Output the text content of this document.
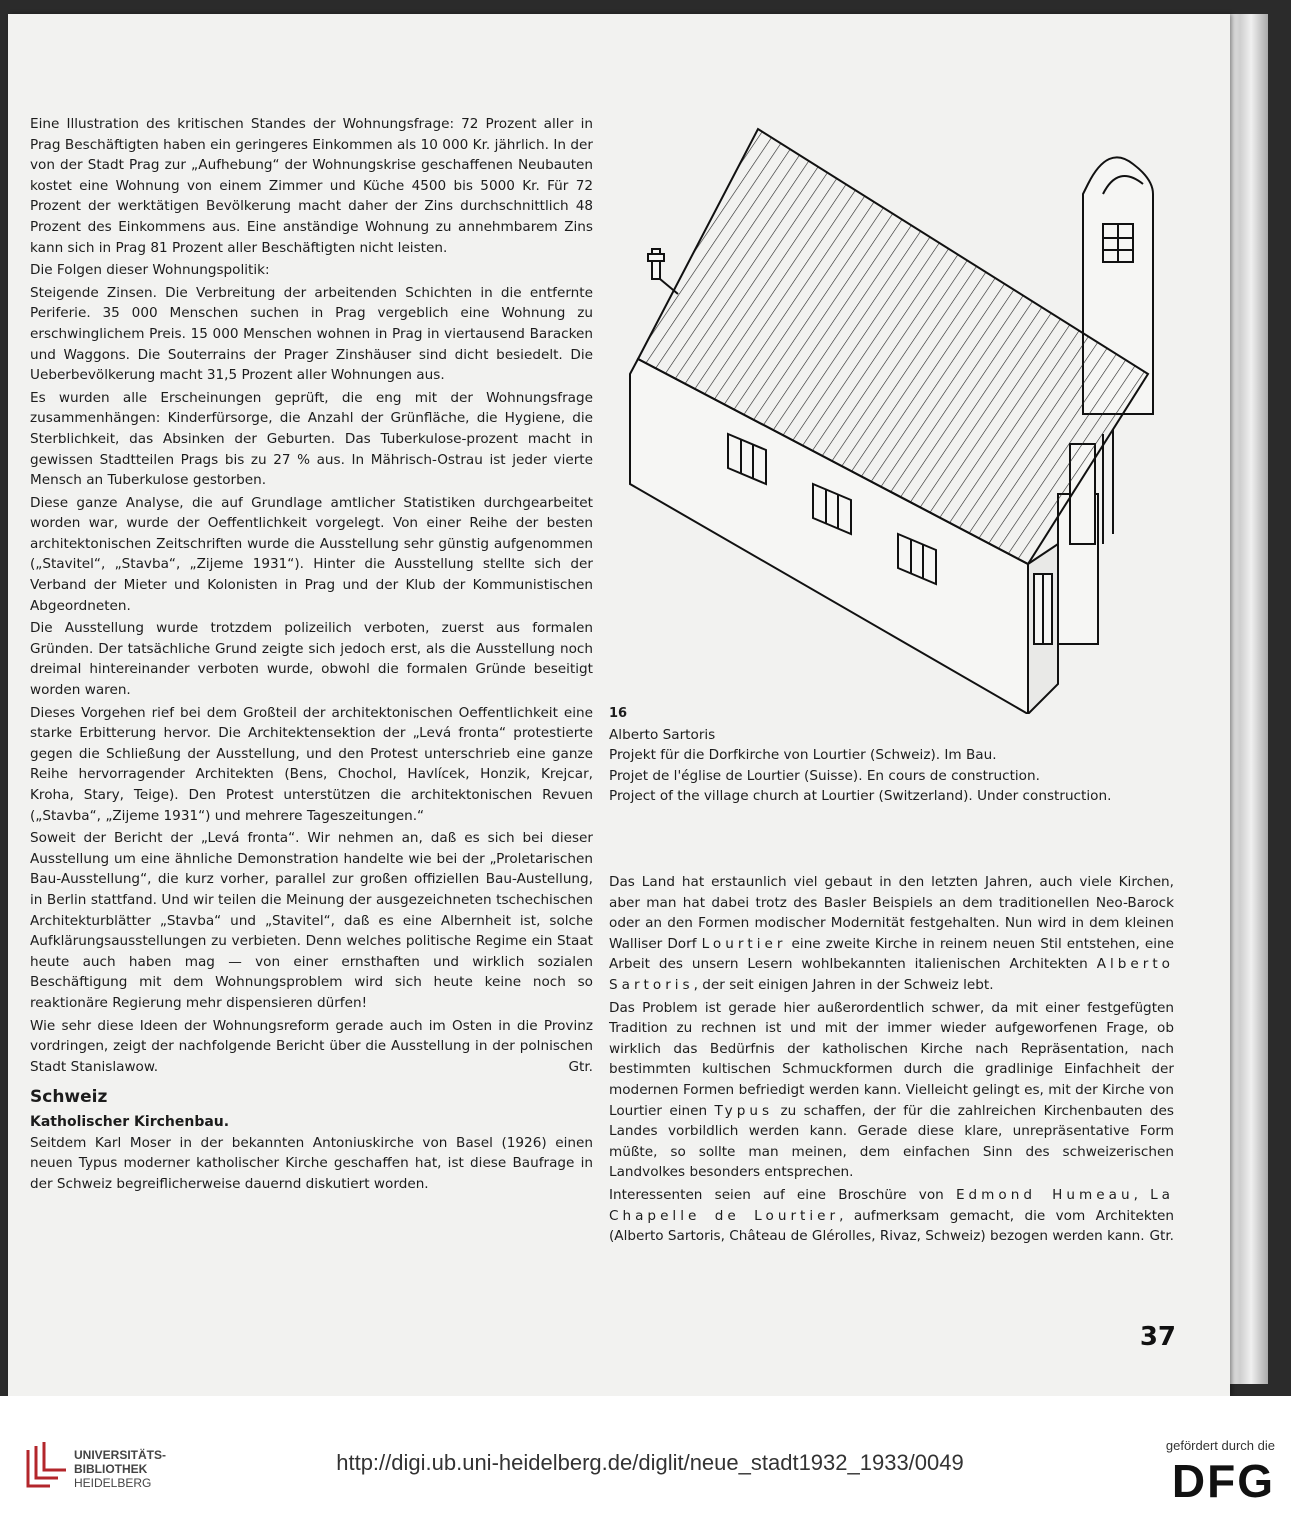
Eine Illustration des kritischen Standes der Wohnungsfrage: 72 Prozent aller in Prag Beschäftigten haben ein geringeres Einkommen als 10 000 Kr. jährlich. In der von der Stadt Prag zur „Aufhebung“ der Wohnungskrise geschaffenen Neubauten kostet eine Wohnung von einem Zimmer und Küche 4500 bis 5000 Kr. Für 72 Prozent der werktätigen Bevölkerung macht daher der Zins durchschnittlich 48 Prozent des Einkommens aus. Eine anständige Wohnung zu annehmbarem Zins kann sich in Prag 81 Prozent aller Beschäftigten nicht leisten.

Die Folgen dieser Wohnungspolitik:

Steigende Zinsen. Die Verbreitung der arbeitenden Schichten in die entfernte Periferie. 35 000 Menschen suchen in Prag vergeblich eine Wohnung zu erschwinglichem Preis. 15 000 Menschen wohnen in Prag in viertausend Baracken und Waggons. Die Souterrains der Prager Zinshäuser sind dicht besiedelt. Die Ueberbevölkerung macht 31,5 Prozent aller Wohnungen aus.

Es wurden alle Erscheinungen geprüft, die eng mit der Wohnungsfrage zusammenhängen: Kinderfürsorge, die Anzahl der Grünfläche, die Hygiene, die Sterblichkeit, das Absinken der Geburten. Das Tuberkulose-prozent macht in gewissen Stadtteilen Prags bis zu 27 % aus. In Mährisch-Ostrau ist jeder vierte Mensch an Tuberkulose gestorben.

Diese ganze Analyse, die auf Grundlage amtlicher Statistiken durchgearbeitet worden war, wurde der Oeffentlichkeit vorgelegt. Von einer Reihe der besten architektonischen Zeitschriften wurde die Ausstellung sehr günstig aufgenommen („Stavitel“, „Stavba“, „Zijeme 1931“). Hinter die Ausstellung stellte sich der Verband der Mieter und Kolonisten in Prag und der Klub der Kommunistischen Abgeordneten.

Die Ausstellung wurde trotzdem polizeilich verboten, zuerst aus formalen Gründen. Der tatsächliche Grund zeigte sich jedoch erst, als die Ausstellung noch dreimal hintereinander verboten wurde, obwohl die formalen Gründe beseitigt worden waren.

Dieses Vorgehen rief bei dem Großteil der architektonischen Oeffentlichkeit eine starke Erbitterung hervor. Die Architektensektion der „Levá fronta“ protestierte gegen die Schließung der Ausstellung, und den Protest unterschrieb eine ganze Reihe hervorragender Architekten (Bens, Chochol, Havlícek, Honzik, Krejcar, Kroha, Stary, Teige). Den Protest unterstützen die architektonischen Revuen („Stavba“, „Zijeme 1931“) und mehrere Tageszeitungen.“

Soweit der Bericht der „Levá fronta“. Wir nehmen an, daß es sich bei dieser Ausstellung um eine ähnliche Demonstration handelte wie bei der „Proletarischen Bau-Ausstellung“, die kurz vorher, parallel zur großen offiziellen Bau-Austellung, in Berlin stattfand. Und wir teilen die Meinung der ausgezeichneten tschechischen Architekturblätter „Stavba“ und „Stavitel“, daß es eine Albernheit ist, solche Aufklärungsausstellungen zu verbieten. Denn welches politische Regime ein Staat heute auch haben mag — von einer ernsthaften und wirklich sozialen Beschäftigung mit dem Wohnungsproblem wird sich heute keine noch so reaktionäre Regierung mehr dispensieren dürfen!

Wie sehr diese Ideen der Wohnungsreform gerade auch im Osten in die Provinz vordringen, zeigt der nachfolgende Bericht über die Ausstellung in der polnischen Stadt Stanislawow.	Gtr.

Schweiz
Katholischer Kirchenbau.

Seitdem Karl Moser in der bekannten Antoniuskirche von Basel (1926) einen neuen Typus moderner katholischer Kirche geschaffen hat, ist diese Baufrage in der Schweiz begreiflicherweise dauernd diskutiert worden.

16
Alberto Sartoris
Projekt für die Dorfkirche von Lourtier (Schweiz). Im Bau.
Projet de l'église de Lourtier (Suisse). En cours de construction.
Project of the village church at Lourtier (Switzerland). Under construction.

Das Land hat erstaunlich viel gebaut in den letzten Jahren, auch viele Kirchen, aber man hat dabei trotz des Basler Beispiels an dem traditionellen Neo-Barock oder an den Formen modischer Modernität festgehalten. Nun wird in dem kleinen Walliser Dorf Lourtier eine zweite Kirche in reinem neuen Stil entstehen, eine Arbeit des unsern Lesern wohlbekannten italienischen Architekten Alberto Sartoris, der seit einigen Jahren in der Schweiz lebt.

Das Problem ist gerade hier außerordentlich schwer, da mit einer festgefügten Tradition zu rechnen ist und mit der immer wieder aufgeworfenen Frage, ob wirklich das Bedürfnis der katholischen Kirche nach Repräsentation, nach bestimmten kultischen Schmuckformen durch die gradlinige Einfachheit der modernen Formen befriedigt werden kann. Vielleicht gelingt es, mit der Kirche von Lourtier einen Typus zu schaffen, der für die zahlreichen Kirchenbauten des Landes vorbildlich werden kann. Gerade diese klare, unrepräsentative Form müßte, so sollte man meinen, dem einfachen Sinn des schweizerischen Landvolkes besonders entsprechen.

Interessenten seien auf eine Broschüre von Edmond Humeau, La Chapelle de Lourtier, aufmerksam gemacht, die vom Architekten (Alberto Sartoris, Château de Glérolles, Rivaz, Schweiz) bezogen werden kann. Gtr.

37
UNIVERSITÄTS-
BIBLIOTHEK
HEIDELBERG
http://digi.ub.uni-heidelberg.de/diglit/neue_stadt1932_1933/0049
gefördert durch die
DFG
